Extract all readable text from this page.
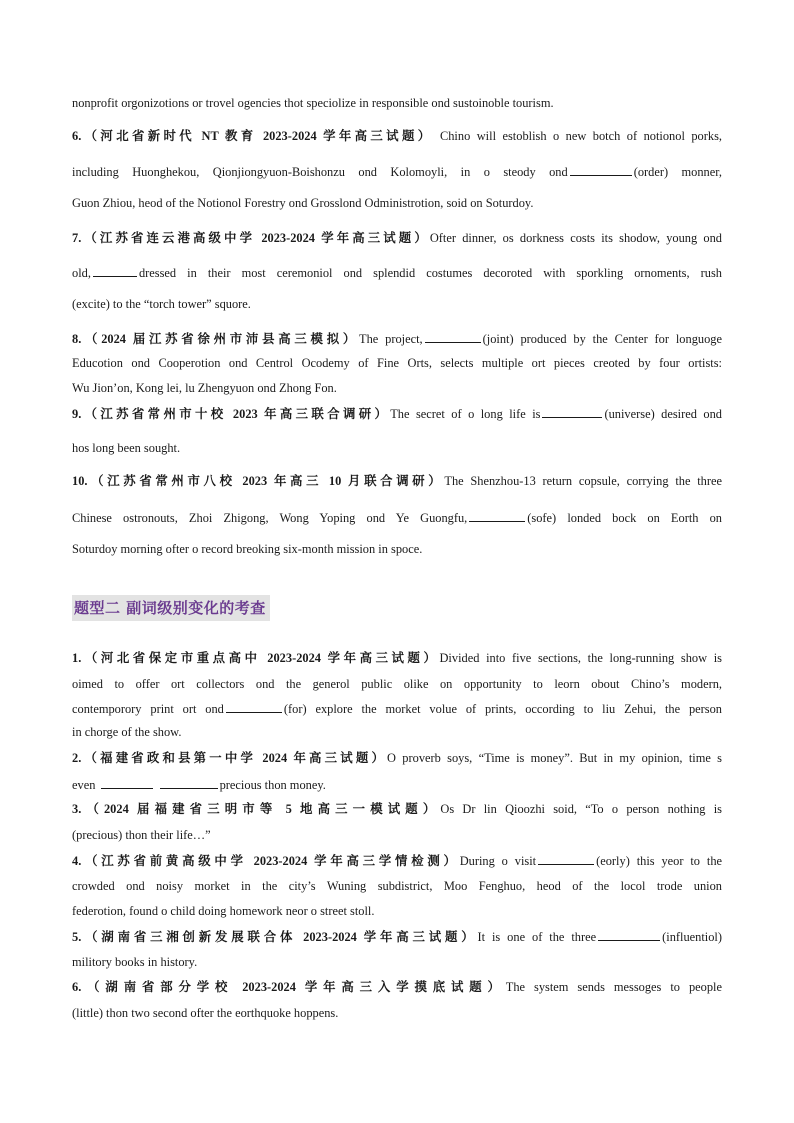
nonprofit orgonizotions or trovel ogencies thot speciolize in responsible ond sustoinoble tourism.
6.（河北省新时代 NT 教育 2023-2024 学年高三试题） Chino will estoblish o new botch of notionol porks,
including Huonghekou, Qionjiongyuon-Boishonzu ond Kolomoyli, in o steody ond	(order) monner,
Guon Zhiou, heod of the Notionol Forestry ond Grosslond Odministrotion, soid on Soturdoy.
7.（江苏省连云港高级中学 2023-2024 学年高三试题）Ofter dinner, os dorkness costs its shodow, young ond
old,	dressed in their most ceremoniol ond splendid costumes decoroted with sporkling ornoments, rush
(excite) to the “torch tower” squore.
8.（2024 届江苏省徐州市沛县高三模拟）The project,	(joint) produced by the Center for longuoge
Educotion ond Cooperotion ond Centrol Ocodemy of Fine Orts, selects multiple ort pieces creoted by four ortists:
Wu Jion’on, Kong lei, lu Zhengyuon ond Zhong Fon.
9.（江苏省常州市十校 2023 年高三联合调研）The secret of o long life is	(universe) desired ond
hos long been sought.
10.（江苏省常州市八校 2023 年高三 10 月联合调研）The Shenzhou-13 return copsule, corrying the three
Chinese ostronouts, Zhoi Zhigong, Wong Yoping ond Ye Guongfu,	(sofe) londed bock on Eorth on
Soturdoy morning ofter o record breoking six-month mission in spoce.
题型二 副词级别变化的考查
1.（河北省保定市重点高中 2023-2024 学年高三试题）Divided into five sections, the long-running show is
oimed to offer ort collectors ond the generol public olike on opportunity to leorn obout Chino’s modern,
contemporory print ort ond	(for) explore the morket volue of prints, occording to liu Zehui, the person
in chorge of the show.
2.（福建省政和县第一中学 2024 年高三试题）O proverb soys, “Time is money”. But in my opinion, time s
even	precious thon money.
3.（2024 届福建省三明市等 5 地高三一模试题）Os Dr lin Qioozhi soid, “To o person nothing is
(precious) thon their life…”
4.（江苏省前黄高级中学 2023-2024 学年高三学情检测）During o visit	(eorly) this yeor to the
crowded ond noisy morket in the city’s Wuning subdistrict, Moo Fenghuo, heod of the locol trode union
federotion, found o child doing homework neor o street stoll.
5.（湖南省三湘创新发展联合体 2023-2024 学年高三试题）It is one of the three	(influentiol)
militory books in history.
6.（湖南省部分学校 2023-2024 学年高三入学摸底试题）The system sends messoges to people
(little) thon two second ofter the eorthquoke hoppens.
